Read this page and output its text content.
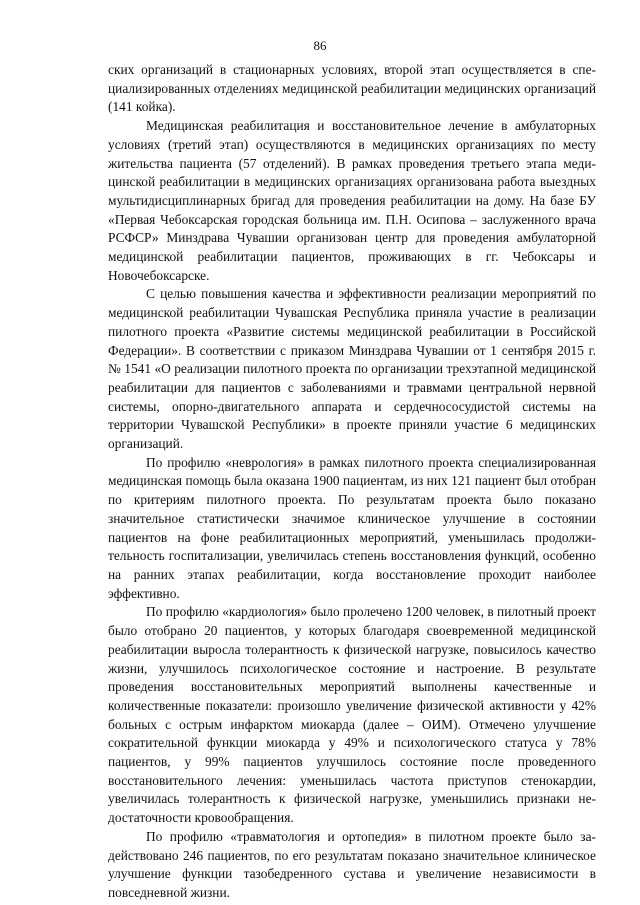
86

ских организаций в стационарных условиях, второй этап осуществляется в специализированных отделениях медицинской реабилитации медицинских организаций (141 койка).

Медицинская реабилитация и восстановительное лечение в амбулаторных условиях (третий этап) осуществляются в медицинских организациях по месту жительства пациента (57 отделений). В рамках проведения третьего этапа медицинской реабилитации в медицинских организациях организована работа выездных мультидисциплинарных бригад для проведения реабилитации на дому. На базе БУ «Первая Чебоксарская городская больница им. П.Н. Осипова – заслуженного врача РСФСР» Минздрава Чувашии организован центр для проведения амбулаторной медицинской реабилитации пациентов, проживающих в гг. Чебоксары и Новочебоксарске.

С целью повышения качества и эффективности реализации мероприятий по медицинской реабилитации Чувашская Республика приняла участие в реализации пилотного проекта «Развитие системы медицинской реабилитации в Российской Федерации». В соответствии с приказом Минздрава Чувашии от 1 сентября 2015 г. № 1541 «О реализации пилотного проекта по организации трехэтапной медицинской реабилитации для пациентов с заболеваниями и травмами центральной нервной системы, опорно-двигательного аппарата и сердечнососудистой системы на территории Чувашской Республики» в проекте приняли участие 6 медицинских организаций.

По профилю «неврология» в рамках пилотного проекта специализированная медицинская помощь была оказана 1900 пациентам, из них 121 пациент был отобран по критериям пилотного проекта. По результатам проекта было показано значительное статистически значимое клиническое улучшение в состоянии пациентов на фоне реабилитационных мероприятий, уменьшилась продолжительность госпитализации, увеличилась степень восстановления функций, особенно на ранних этапах реабилитации, когда восстановление проходит наиболее эффективно.

По профилю «кардиология» было пролечено 1200 человек, в пилотный проект было отобрано 20 пациентов, у которых благодаря своевременной медицинской реабилитации выросла толерантность к физической нагрузке, повысилось качество жизни, улучшилось психологическое состояние и настроение. В результате проведения восстановительных мероприятий выполнены качественные и количественные показатели: произошло увеличение физической активности у 42% больных с острым инфарктом миокарда (далее – ОИМ). Отмечено улучшение сократительной функции миокарда у 49% и психологического статуса у 78% пациентов, у 99% пациентов улучшилось состояние после проведенного восстановительного лечения: уменьшилась частота приступов стенокардии, увеличилась толерантность к физической нагрузке, уменьшились признаки недостаточности кровообращения.

По профилю «травматология и ортопедия» в пилотном проекте было задействовано 246 пациентов, по его результатам показано значительное клиническое улучшение функции тазобедренного сустава и увеличение независимости в повседневной жизни.
